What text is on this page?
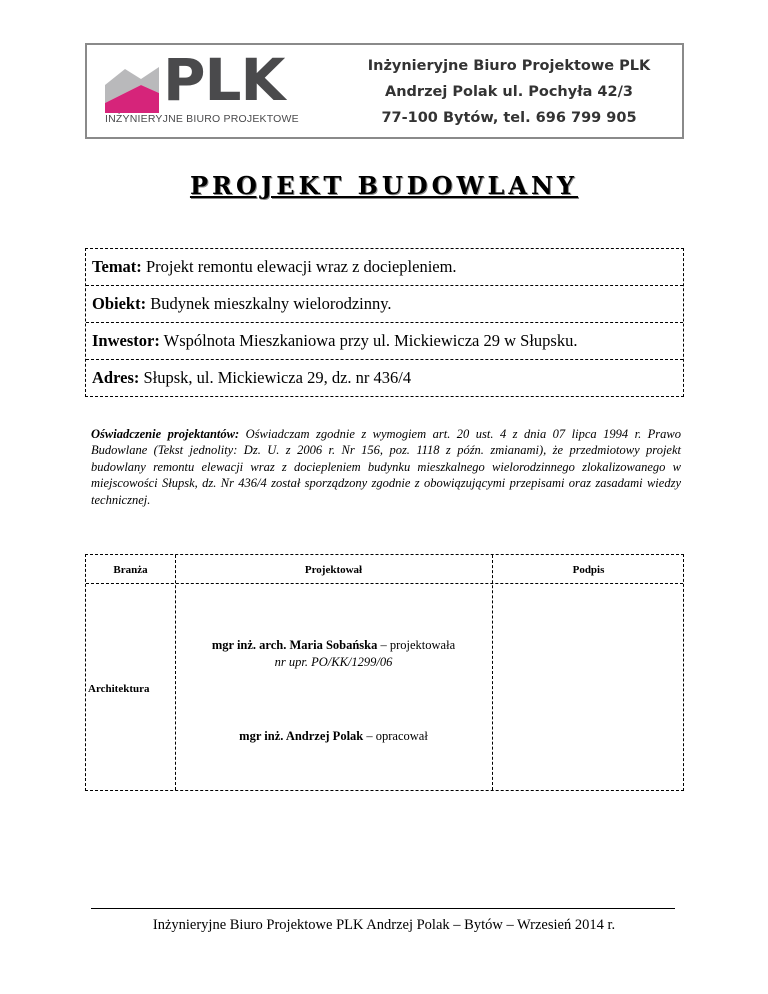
PLK
INŻYNIERYJNE BIURO PROJEKTOWE
Inżynieryjne Biuro Projektowe PLK
Andrzej Polak ul. Pochyła 42/3
77-100 Bytów, tel. 696 799 905
PROJEKT BUDOWLANY
Temat: Projekt remontu elewacji wraz z dociepleniem.
Obiekt: Budynek mieszkalny wielorodzinny.
Inwestor: Wspólnota Mieszkaniowa przy ul. Mickiewicza 29 w Słupsku.
Adres: Słupsk, ul. Mickiewicza 29, dz. nr 436/4
Oświadczenie projektantów: Oświadczam zgodnie z wymogiem art. 20 ust. 4 z dnia 07 lipca 1994 r. Prawo Budowlane (Tekst jednolity: Dz. U. z 2006 r. Nr 156, poz. 1118 z późn. zmianami), że przedmiotowy projekt budowlany remontu elewacji wraz z dociepleniem budynku mieszkalnego wielorodzinnego zlokalizowanego w miejscowości Słupsk, dz. Nr 436/4 został sporządzony zgodnie z obowiązującymi przepisami oraz zasadami wiedzy technicznej.
Branża	Projektował	Podpis
Architektura
mgr inż. arch. Maria Sobańska – projektowała
nr upr. PO/KK/1299/06
mgr inż. Andrzej Polak – opracował
Inżynieryjne Biuro Projektowe PLK Andrzej Polak – Bytów – Wrzesień 2014 r.
